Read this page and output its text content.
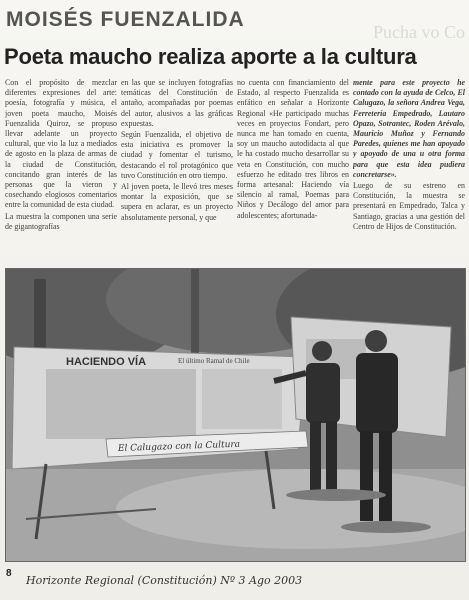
MOISÉS FUENZALIDA
Pucha vo Co
Poeta maucho realiza aporte a la cultura

Con el propósito de mezclar diferentes expresiones del arte: poesía, fotografía y música, el joven poeta maucho, Moisés Fuenzalida Quiroz, se propuso llevar adelante un proyecto cultural, que vio la luz a mediados de agosto en la plaza de armas de la ciudad de Constitución, concitando gran interés de las personas que la vieron y cosechando elogiosos comentarios entre la comunidad de esta ciudad.

La muestra la componen una serie de gigantografías

en las que se incluyen fotografías temáticas del Constitución de antaño, acompañadas por poemas del autor, alusivos a las gráficas expuestas.

Según Fuenzalida, el objetivo de esta iniciativa es promover la ciudad y fomentar el turismo, destacando el rol protagónico que tuvo Constitución en otro tiempo.

Al joven poeta, le llevó tres meses montar la exposición, que se supera en aclarar, es un proyecto absolutamente personal, y que

no cuenta con financiamiento del Estado, al respecto Fuenzalida es enfático en señalar a Horizonte Regional «He participado muchas veces en proyectos Fondart, pero nunca me han tomado en cuenta, soy un maucho autodidacta al que le ha costado mucho desarrollar su veta en Constitución, con mucho esfuerzo he editado tres libros en forma artesanal: Haciendo vía silencio al ramal, Poemas para Niños y Decálogo del amor para adolescentes; afortunada-

mente para este proyecto he contado con la ayuda de Celco, El Calugazo, la señora Andrea Vega, Ferretería Empedrado, Lautaro Opazo, Sotrantec, Roden Arévalo, Mauricio Muñoz y Fernando Paredes, quienes me han apoyado y apoyado de una u otra forma para que esta idea pudiera concretarse».

Luego de su estreno en Constitución, la muestra se presentará en Empedrado, Talca y Santiago, gracias a una gestión del Centro de Hijos de Constitución.

HACIENDO VÍA	El último Ramal de Chile
El Calugazo con la Cultura
8
Horizonte Regional (Constitución) Nº 3 Ago 2003
